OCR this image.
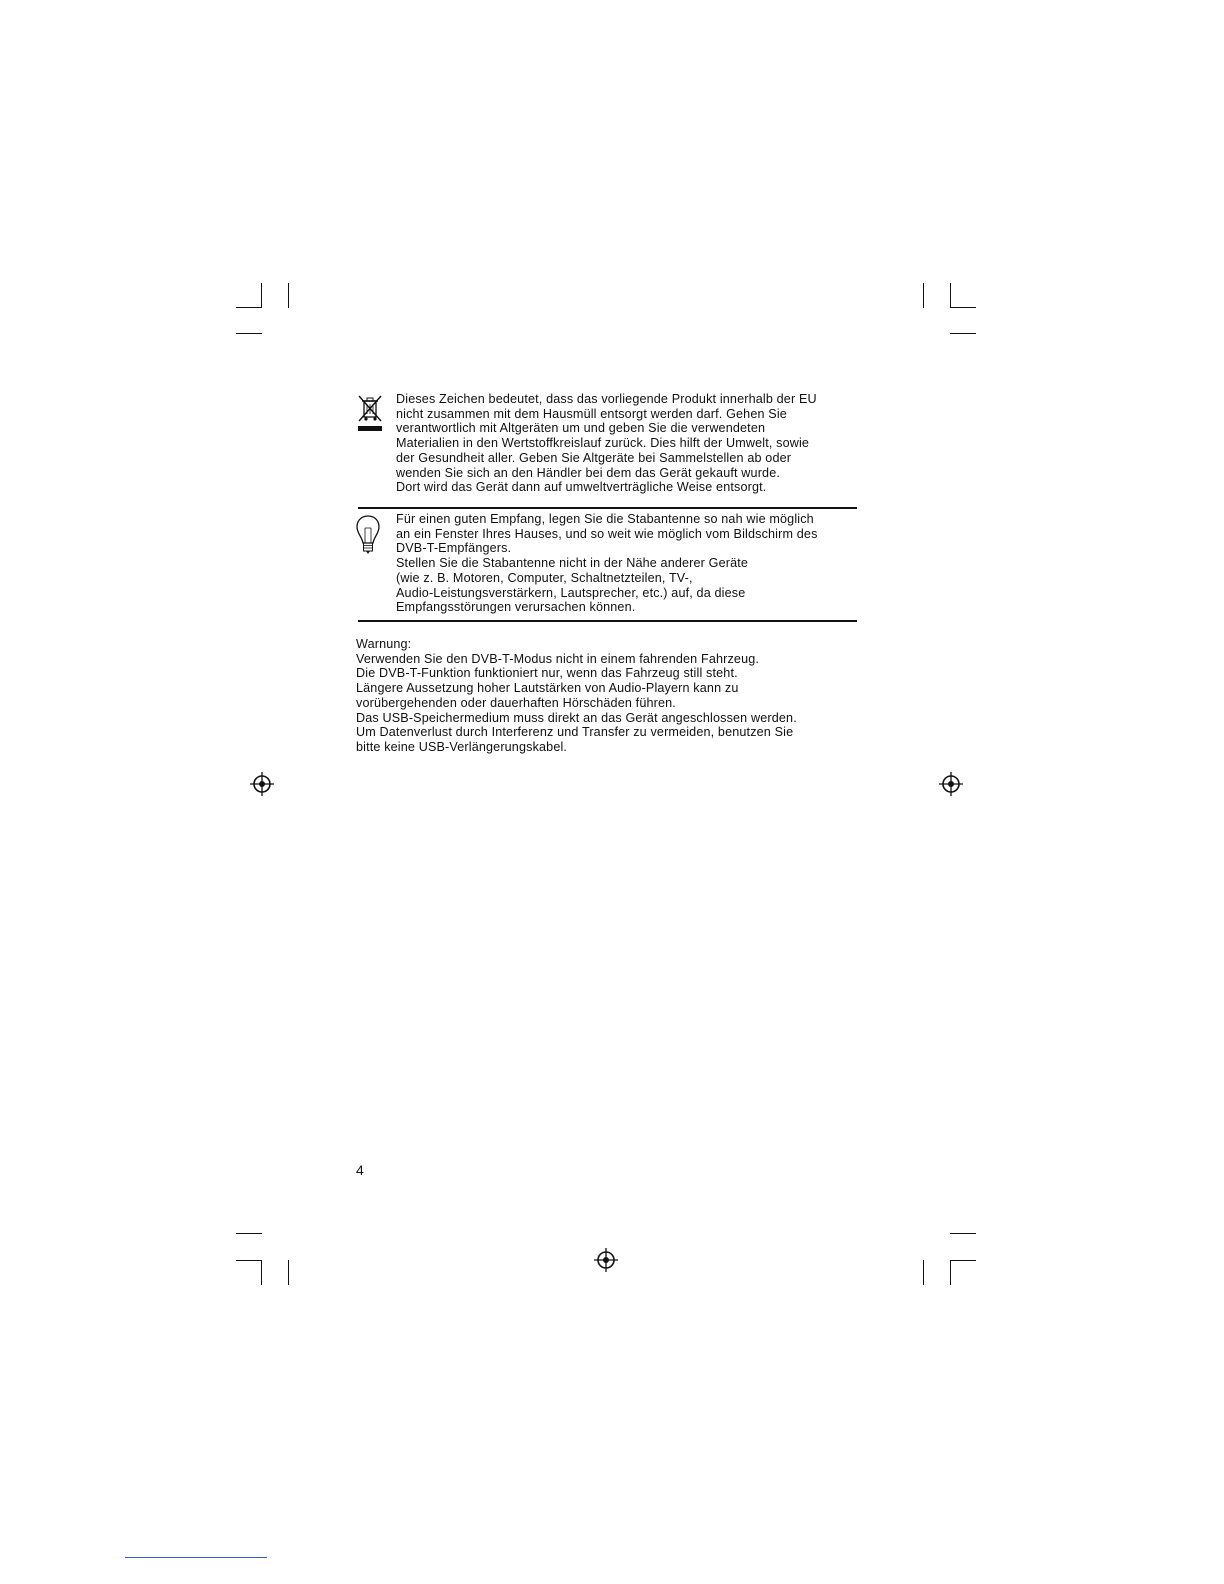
Dieses Zeichen bedeutet, dass das vorliegende Produkt innerhalb der EU
nicht zusammen mit dem Hausmüll entsorgt werden darf. Gehen Sie
verantwortlich mit Altgeräten um und geben Sie die verwendeten
Materialien in den Wertstoffkreislauf zurück. Dies hilft der Umwelt, sowie
der Gesundheit aller. Geben Sie Altgeräte bei Sammelstellen ab oder
wenden Sie sich an den Händler bei dem das Gerät gekauft wurde.
Dort wird das Gerät dann auf umweltverträgliche Weise entsorgt.
Für einen guten Empfang, legen Sie die Stabantenne so nah wie möglich
an ein Fenster Ihres Hauses, und so weit wie möglich vom Bildschirm des
DVB-T-Empfängers.
Stellen Sie die Stabantenne nicht in der Nähe anderer Geräte
(wie z. B. Motoren, Computer, Schaltnetzteilen, TV-,
Audio-Leistungsverstärkern, Lautsprecher, etc.) auf, da diese
Empfangsstörungen verursachen können.
Warnung:
Verwenden Sie den DVB-T-Modus nicht in einem fahrenden Fahrzeug.
Die DVB-T-Funktion funktioniert nur, wenn das Fahrzeug still steht.
Längere Aussetzung hoher Lautstärken von Audio-Playern kann zu
vorübergehenden oder dauerhaften Hörschäden führen.
Das USB-Speichermedium muss direkt an das Gerät angeschlossen werden.
Um Datenverlust durch Interferenz und Transfer zu vermeiden, benutzen Sie
bitte keine USB-Verlängerungskabel.
4
